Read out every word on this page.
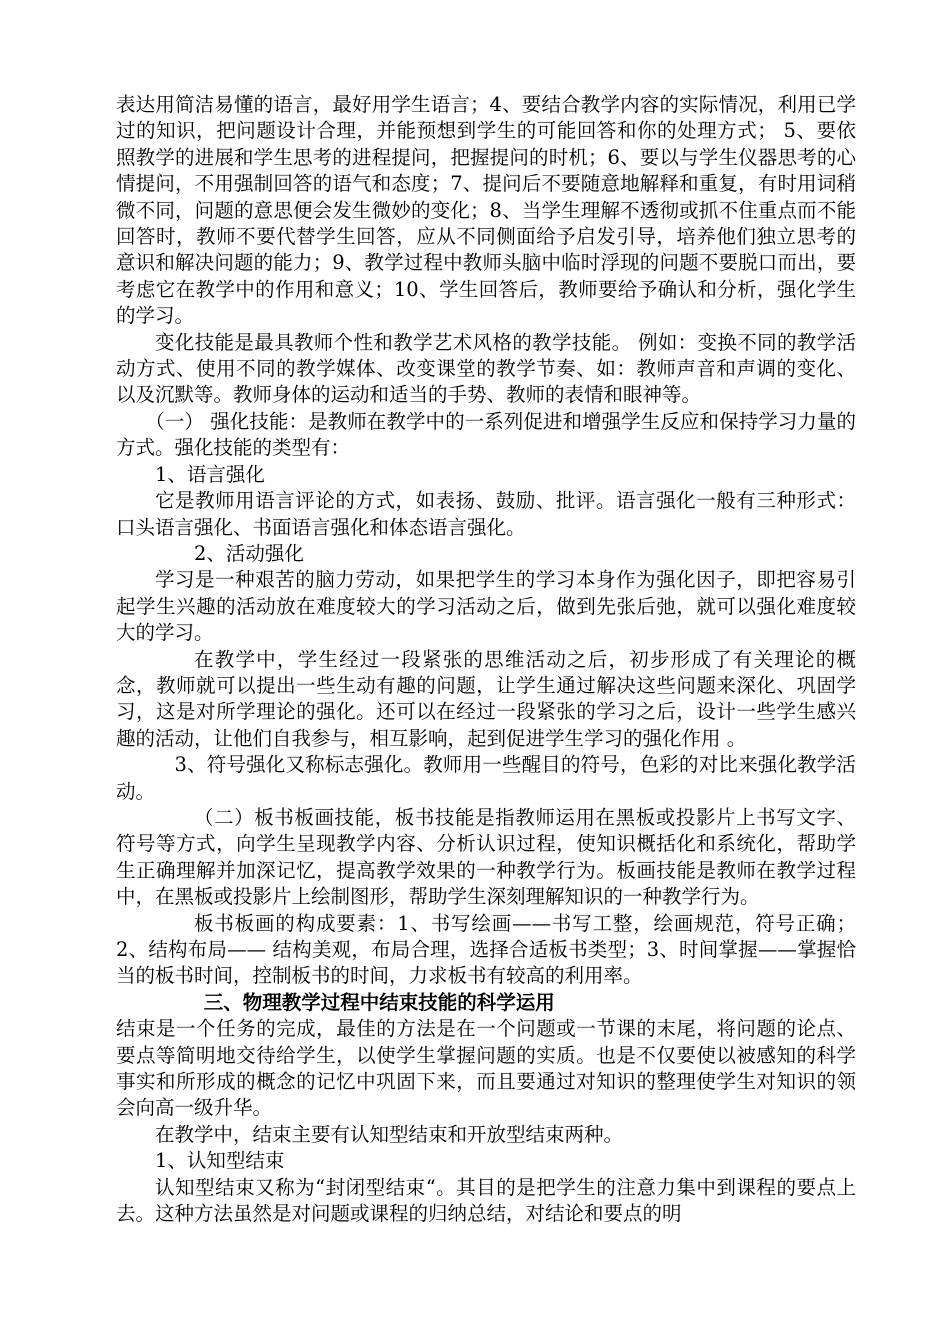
表达用简洁易懂的语言，最好用学生语言；4、要结合教学内容的实际情况，利用已学过的知识，把问题设计合理，并能预想到学生的可能回答和你的处理方式； 5、要依照教学的进展和学生思考的进程提问，把握提问的时机；6、要以与学生仪器思考的心情提问，不用强制回答的语气和态度；7、提问后不要随意地解释和重复，有时用词稍微不同，问题的意思便会发生微妙的变化；8、当学生理解不透彻或抓不住重点而不能回答时，教师不要代替学生回答，应从不同侧面给予启发引导，培养他们独立思考的意识和解决问题的能力；9、教学过程中教师头脑中临时浮现的问题不要脱口而出，要考虑它在教学中的作用和意义；10、学生回答后，教师要给予确认和分析，强化学生的学习。

变化技能是最具教师个性和教学艺术风格的教学技能。 例如：变换不同的教学活动方式、使用不同的教学媒体、改变课堂的教学节奏、如：教师声音和声调的变化、以及沉默等。教师身体的运动和适当的手势、教师的表情和眼神等。

（一） 强化技能：是教师在教学中的一系列促进和增强学生反应和保持学习力量的方式。强化技能的类型有：

1、语言强化

它是教师用语言评论的方式，如表扬、鼓励、批评。语言强化一般有三种形式：口头语言强化、书面语言强化和体态语言强化。

2、活动强化

学习是一种艰苦的脑力劳动，如果把学生的学习本身作为强化因子，即把容易引起学生兴趣的活动放在难度较大的学习活动之后，做到先张后弛，就可以强化难度较大的学习。

在教学中，学生经过一段紧张的思维活动之后，初步形成了有关理论的概念，教师就可以提出一些生动有趣的问题，让学生通过解决这些问题来深化、巩固学习，这是对所学理论的强化。还可以在经过一段紧张的学习之后，设计一些学生感兴趣的活动，让他们自我参与，相互影响，起到促进学生学习的强化作用 。

3、符号强化又称标志强化。教师用一些醒目的符号，色彩的对比来强化教学活动。

（二）板书板画技能，板书技能是指教师运用在黑板或投影片上书写文字、符号等方式，向学生呈现教学内容、分析认识过程，使知识概括化和系统化，帮助学生正确理解并加深记忆，提高教学效果的一种教学行为。板画技能是教师在教学过程中，在黑板或投影片上绘制图形，帮助学生深刻理解知识的一种教学行为。

板书板画的构成要素：1、书写绘画——书写工整，绘画规范，符号正确；2、结构布局—— 结构美观，布局合理，选择合适板书类型；3、时间掌握——掌握恰当的板书时间，控制板书的时间，力求板书有较高的利用率。

三、物理教学过程中结束技能的科学运用

结束是一个任务的完成，最佳的方法是在一个问题或一节课的末尾，将问题的论点、要点等简明地交待给学生，以使学生掌握问题的实质。也是不仅要使以被感知的科学事实和所形成的概念的记忆中巩固下来，而且要通过对知识的整理使学生对知识的领会向高一级升华。

在教学中，结束主要有认知型结束和开放型结束两种。

1、认知型结束

认知型结束又称为“封闭型结束“。其目的是把学生的注意力集中到课程的要点上去。这种方法虽然是对问题或课程的归纳总结，对结论和要点的明
